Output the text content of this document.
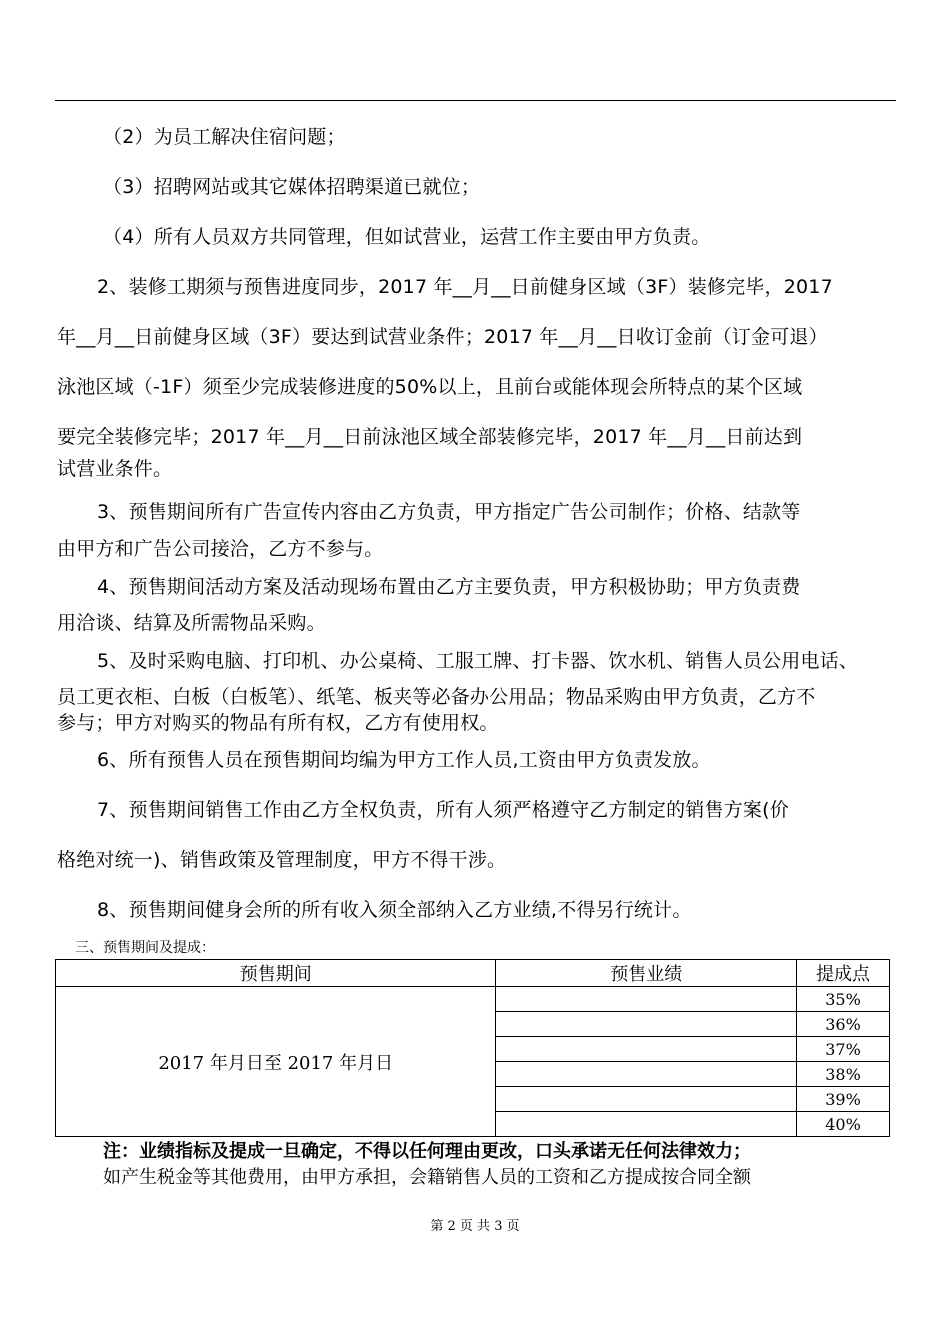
（2）为员工解决住宿问题；

（3）招聘网站或其它媒体招聘渠道已就位；

（4）所有人员双方共同管理，但如试营业，运营工作主要由甲方负责。

2、装修工期须与预售进度同步，2017 年__月__日前健身区域（3F）装修完毕，2017

年__月__日前健身区域（3F）要达到试营业条件；2017 年__月__日收订金前（订金可退）

泳池区域（-1F）须至少完成装修进度的50%以上，且前台或能体现会所特点的某个区域

要完全装修完毕；2017 年__月__日前泳池区域全部装修完毕，2017 年__月__日前达到

试营业条件。

3、预售期间所有广告宣传内容由乙方负责，甲方指定广告公司制作；价格、结款等

由甲方和广告公司接洽，乙方不参与。

4、预售期间活动方案及活动现场布置由乙方主要负责，甲方积极协助；甲方负责费

用洽谈、结算及所需物品采购。

5、及时采购电脑、打印机、办公桌椅、工服工牌、打卡器、饮水机、销售人员公用电话、

员工更衣柜、白板（白板笔）、纸笔、板夹等必备办公用品；物品采购由甲方负责，乙方不

参与；甲方对购买的物品有所有权，乙方有使用权。

6、所有预售人员在预售期间均编为甲方工作人员,工资由甲方负责发放。

7、预售期间销售工作由乙方全权负责，所有人须严格遵守乙方制定的销售方案(价

格绝对统一)、销售政策及管理制度，甲方不得干涉。

8、预售期间健身会所的所有收入须全部纳入乙方业绩,不得另行统计。

三、预售期间及提成：
预售期间	预售业绩	提成点
2017 年月日至 2017 年月日		35%
		36%
		37%
		38%
		39%
		40%
注：业绩指标及提成一旦确定，不得以任何理由更改，口头承诺无任何法律效力；
如产生税金等其他费用，由甲方承担，会籍销售人员的工资和乙方提成按合同全额
第 2 页 共 3 页
